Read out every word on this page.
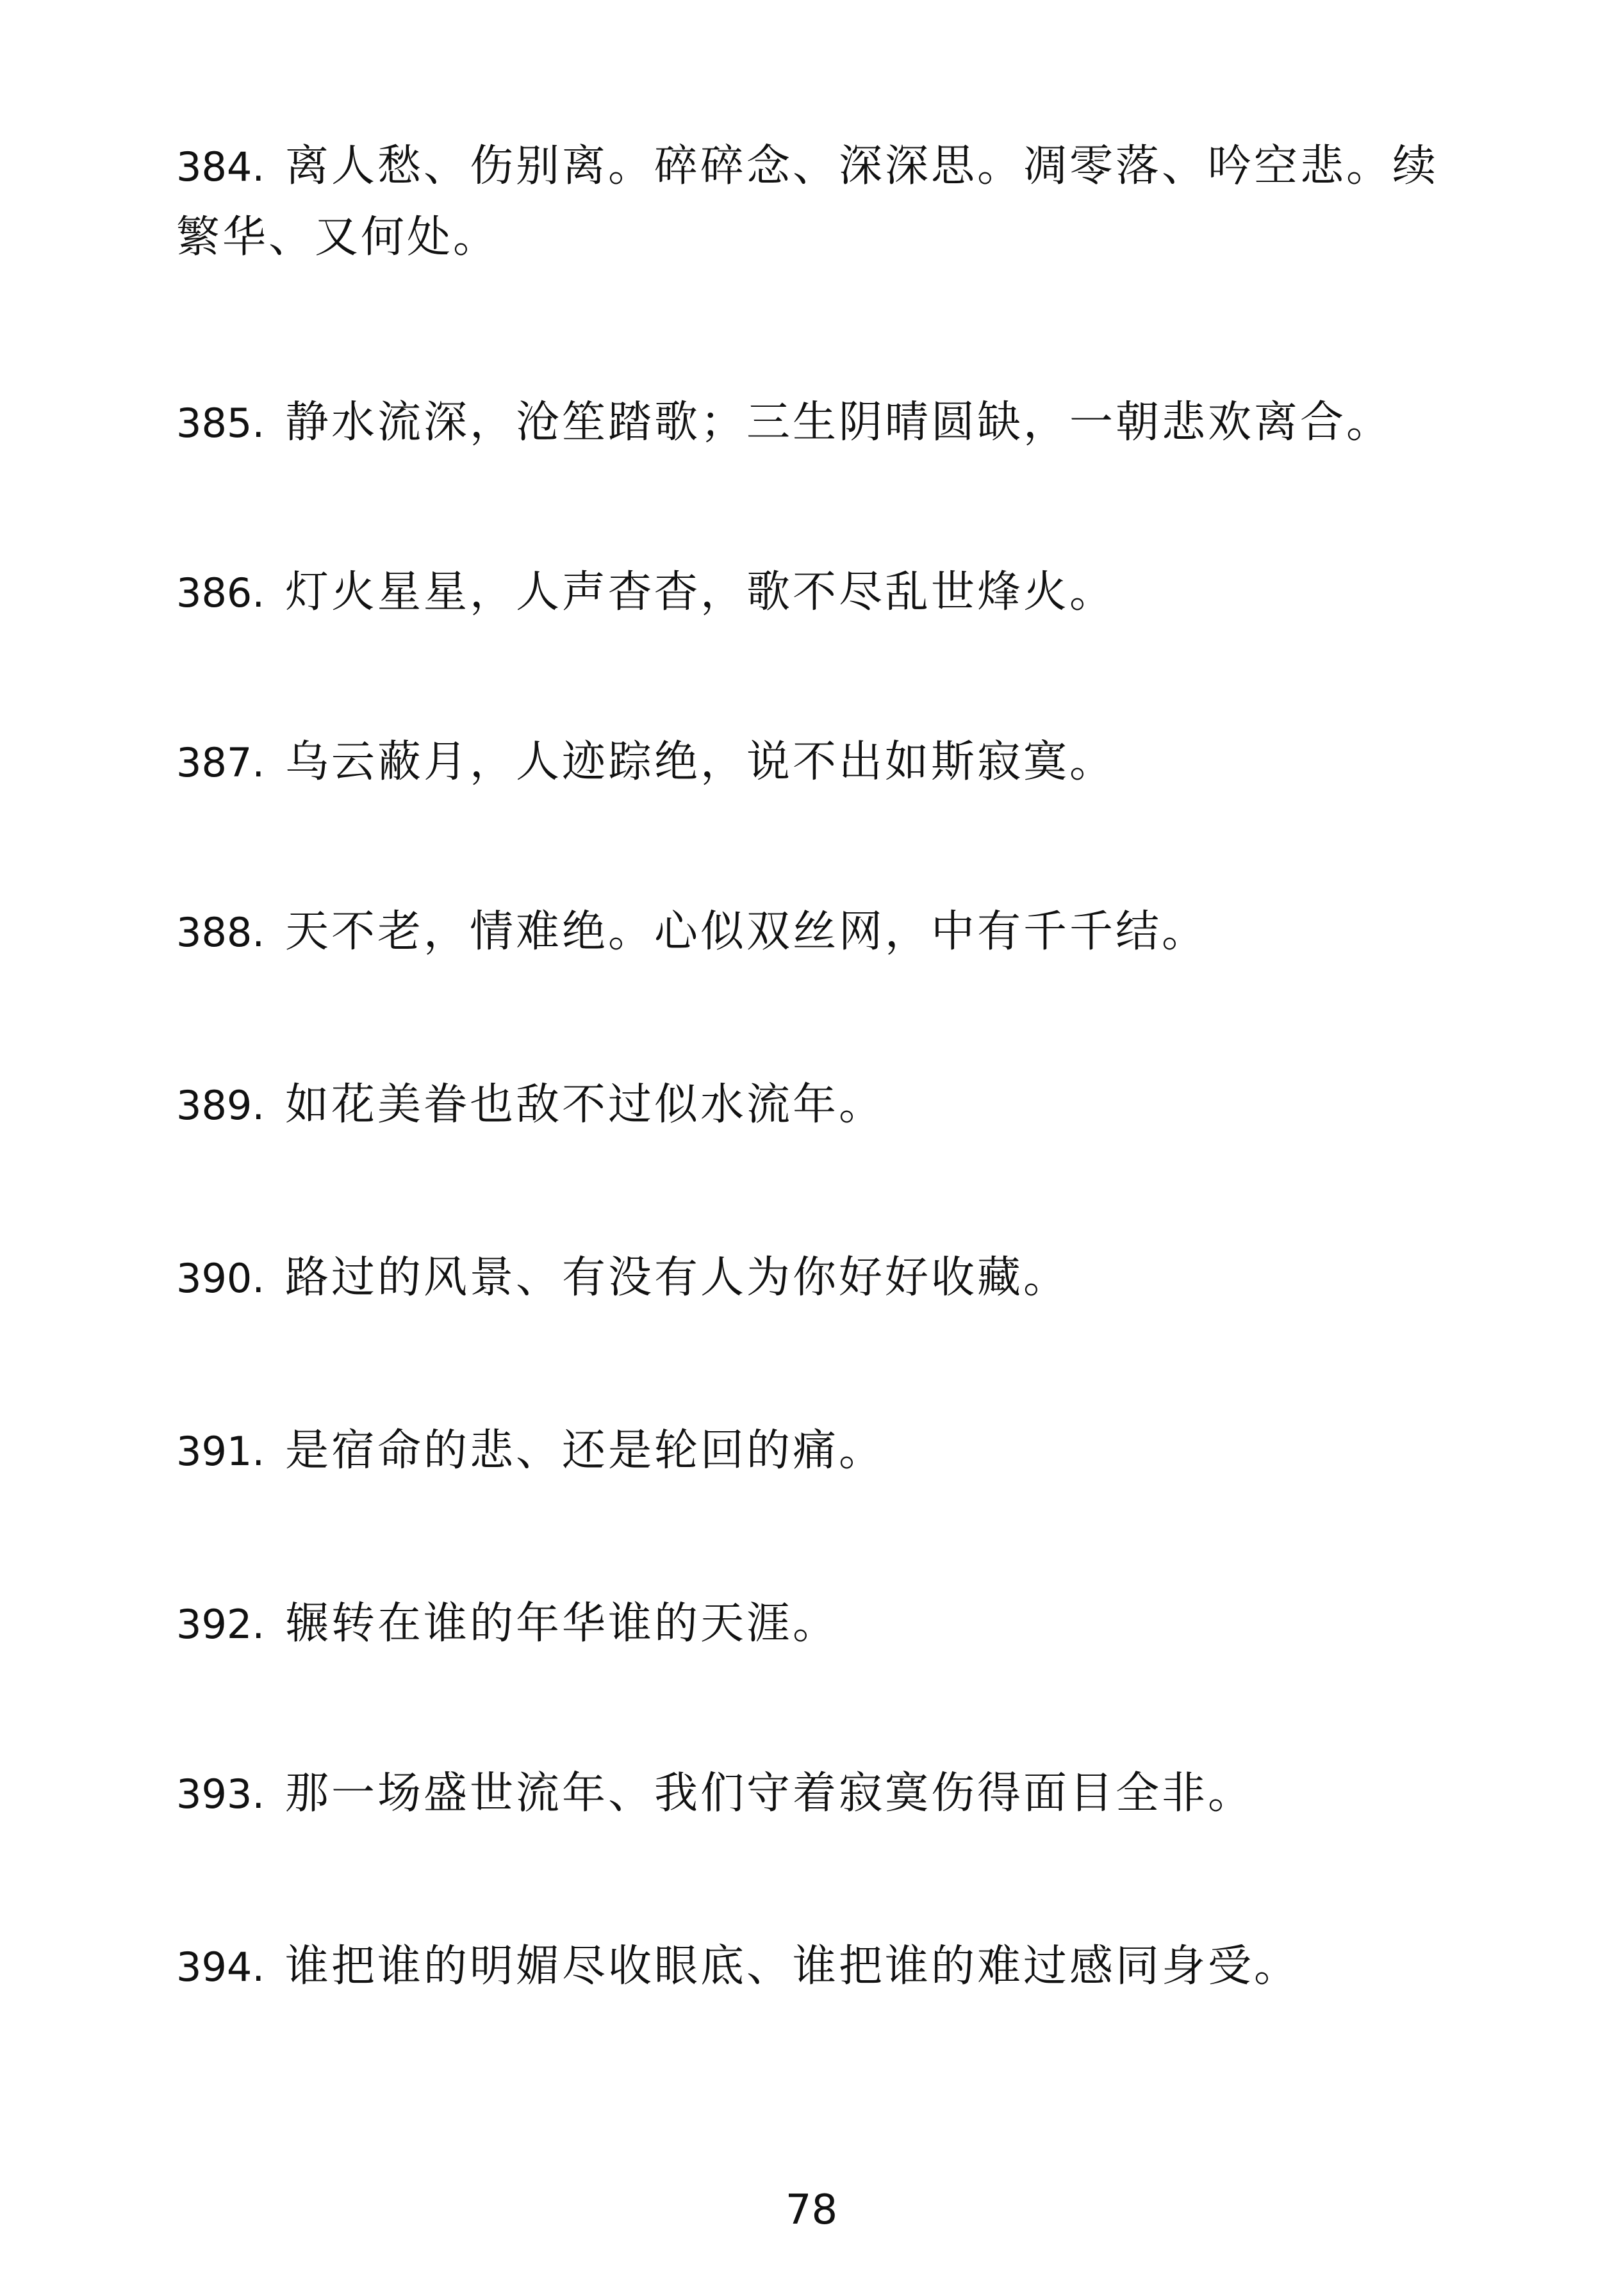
384. 离人愁、伤别离。碎碎念、深深思。凋零落、吟空悲。续繁华、又何处。
385. 静水流深，沧笙踏歌；三生阴晴圆缺，一朝悲欢离合。
386. 灯火星星，人声杳杳，歌不尽乱世烽火。
387. 乌云蔽月，人迹踪绝，说不出如斯寂寞。
388. 天不老，情难绝。心似双丝网，中有千千结。
389. 如花美眷也敌不过似水流年。
390. 路过的风景、有没有人为你好好收藏。
391. 是宿命的悲、还是轮回的痛。
392. 辗转在谁的年华谁的天涯。
393. 那一场盛世流年、我们守着寂寞伤得面目全非。
394. 谁把谁的明媚尽收眼底、谁把谁的难过感同身受。
78
